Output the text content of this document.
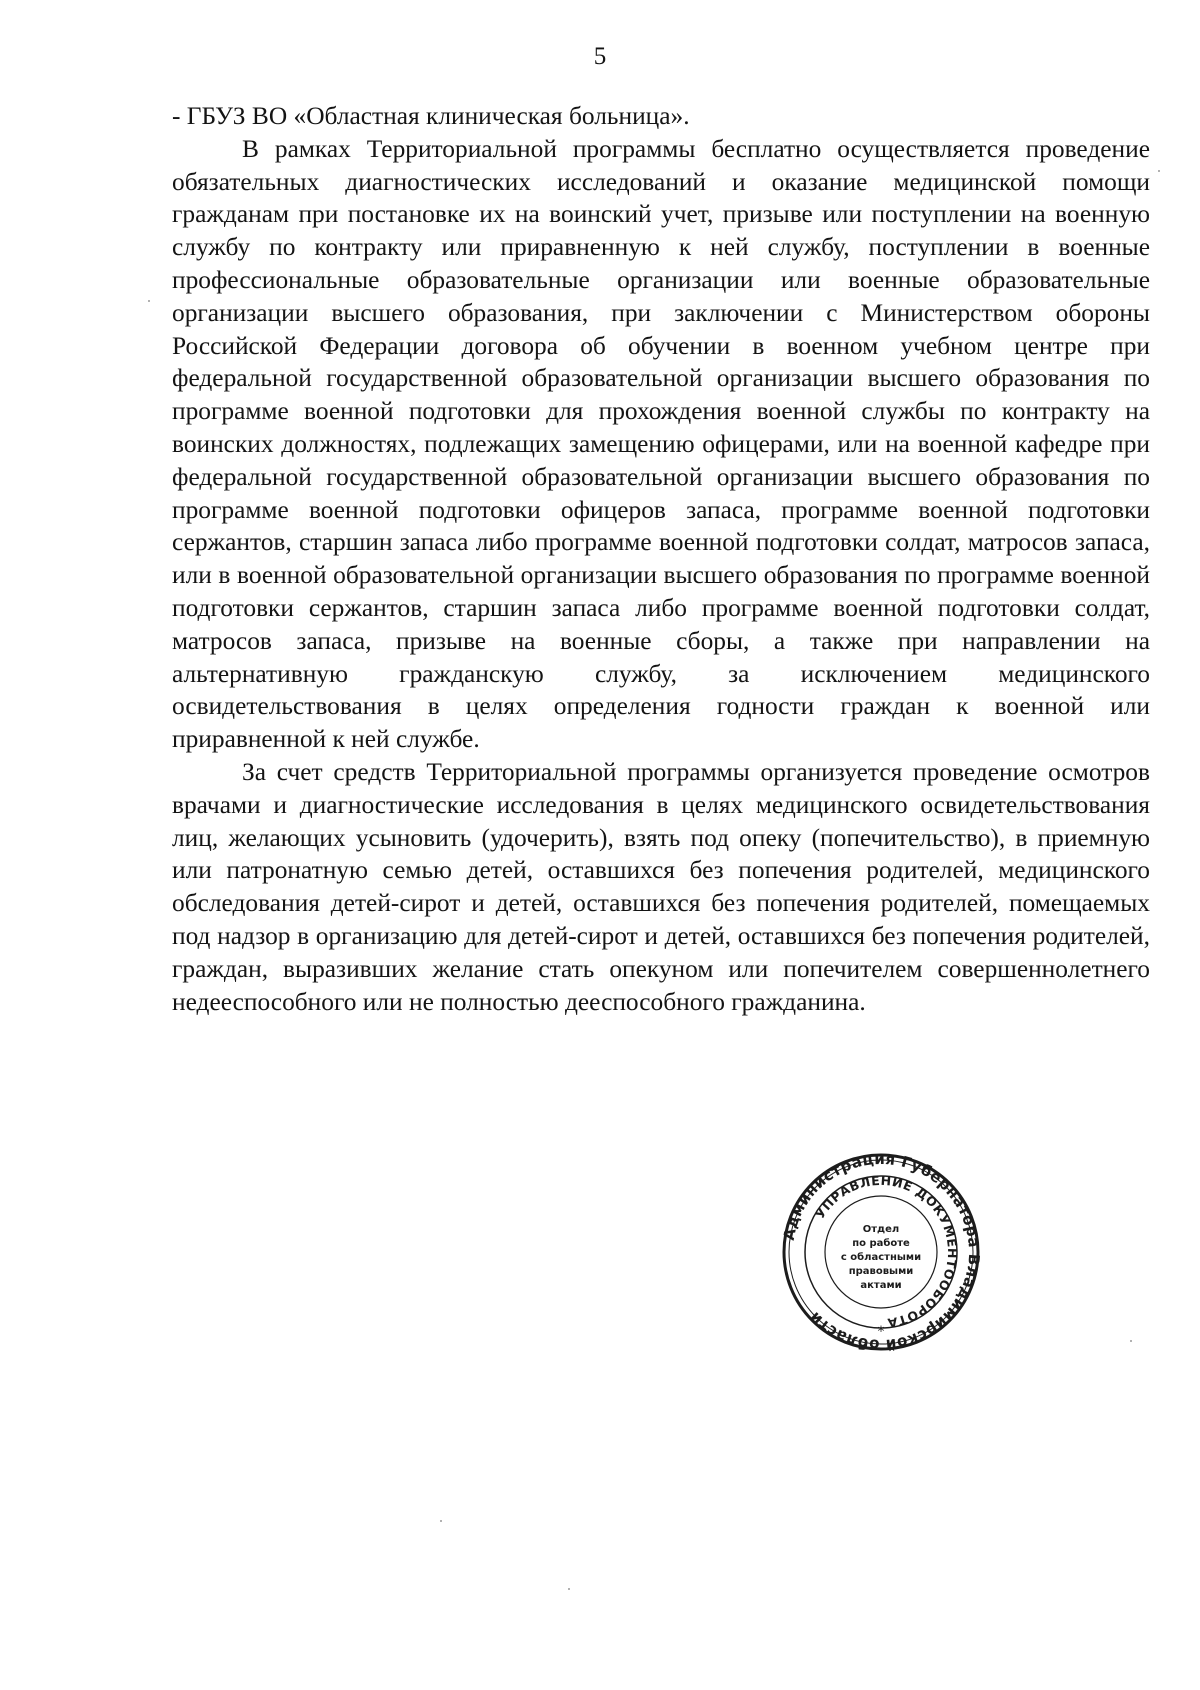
5

- ГБУЗ ВО «Областная клиническая больница».

В рамках Территориальной программы бесплатно осуществляется проведение обязательных диагностических исследований и оказание медицинской помощи гражданам при постановке их на воинский учет, призыве или поступлении на военную службу по контракту или приравненную к ней службу, поступлении в военные профессиональные образовательные организации или военные образовательные организации высшего образования, при заключении с Министерством обороны Российской Федерации договора об обучении в военном учебном центре при федеральной государственной образовательной организации высшего образования по программе военной подготовки для прохождения военной службы по контракту на воинских должностях, подлежащих замещению офицерами, или на военной кафедре при федеральной государственной образовательной организации высшего образования по программе военной подготовки офицеров запаса, программе военной подготовки сержантов, старшин запаса либо программе военной подготовки солдат, матросов запаса, или в военной образовательной организации высшего образования по программе военной подготовки сержантов, старшин запаса либо программе военной подготовки солдат, матросов запаса, призыве на военные сборы, а также при направлении на альтернативную гражданскую службу, за исключением медицинского освидетельствования в целях определения годности граждан к военной или приравненной к ней службе.

За счет средств Территориальной программы организуется проведение осмотров врачами и диагностические исследования в целях медицинского освидетельствования лиц, желающих усыновить (удочерить), взять под опеку (попечительство), в приемную или патронатную семью детей, оставшихся без попечения родителей, медицинского обследования детей-сирот и детей, оставшихся без попечения родителей, помещаемых под надзор в организацию для детей-сирот и детей, оставшихся без попечения родителей, граждан, выразивших желание стать опекуном или попечителем совершеннолетнего недееспособного или не полностью дееспособного гражданина.

Администрация Губернатор ладимирской области
УПРАВЛЕНИЕ ДОКУМЕНТООБОРОТА
*
Отдел
по работе
с областными
правовыми
актами
